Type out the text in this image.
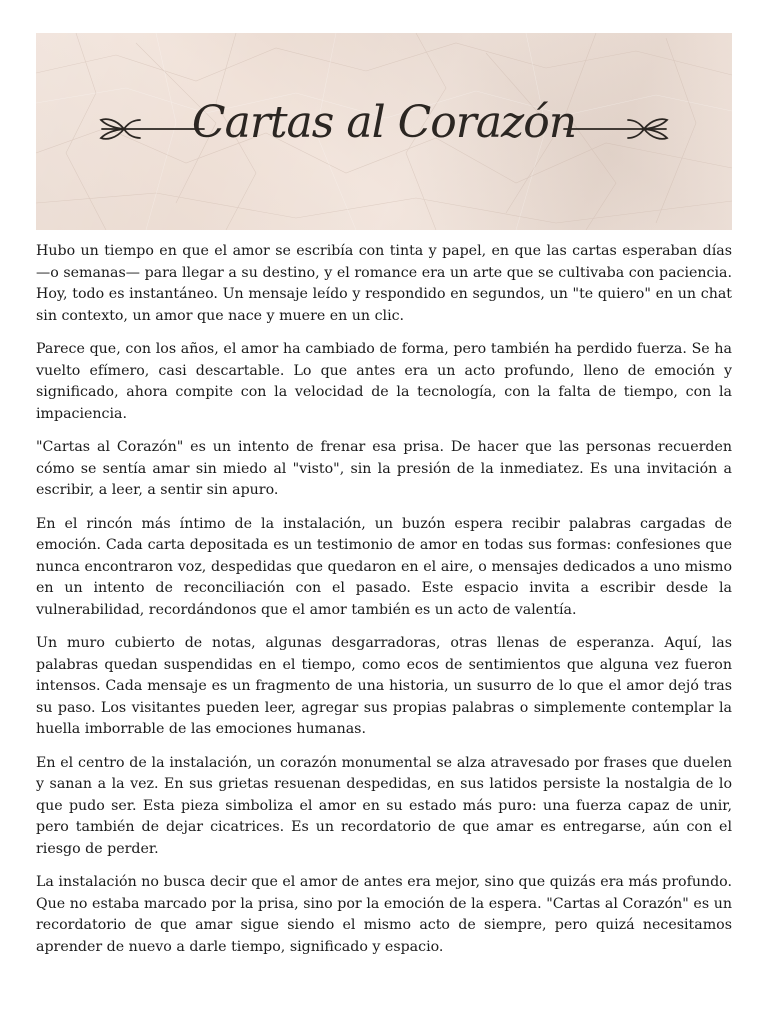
Cartas al Corazón

Hubo un tiempo en que el amor se escribía con tinta y papel, en que las cartas esperaban días —o semanas— para llegar a su destino, y el romance era un arte que se cultivaba con paciencia. Hoy, todo es instantáneo. Un mensaje leído y respondido en segundos, un "te quiero" en un chat sin contexto, un amor que nace y muere en un clic.

Parece que, con los años, el amor ha cambiado de forma, pero también ha perdido fuerza. Se ha vuelto efímero, casi descartable. Lo que antes era un acto profundo, lleno de emoción y significado, ahora compite con la velocidad de la tecnología, con la falta de tiempo, con la impaciencia.

"Cartas al Corazón" es un intento de frenar esa prisa. De hacer que las personas recuerden cómo se sentía amar sin miedo al "visto", sin la presión de la inmediatez. Es una invitación a escribir, a leer, a sentir sin apuro.

En el rincón más íntimo de la instalación, un buzón espera recibir palabras cargadas de emoción. Cada carta depositada es un testimonio de amor en todas sus formas: confesiones que nunca encontraron voz, despedidas que quedaron en el aire, o mensajes dedicados a uno mismo en un intento de reconciliación con el pasado. Este espacio invita a escribir desde la vulnerabilidad, recordándonos que el amor también es un acto de valentía.

Un muro cubierto de notas, algunas desgarradoras, otras llenas de esperanza. Aquí, las palabras quedan suspendidas en el tiempo, como ecos de sentimientos que alguna vez fueron intensos. Cada mensaje es un fragmento de una historia, un susurro de lo que el amor dejó tras su paso. Los visitantes pueden leer, agregar sus propias palabras o simplemente contemplar la huella imborrable de las emociones humanas.

En el centro de la instalación, un corazón monumental se alza atravesado por frases que duelen y sanan a la vez. En sus grietas resuenan despedidas, en sus latidos persiste la nostalgia de lo que pudo ser. Esta pieza simboliza el amor en su estado más puro: una fuerza capaz de unir, pero también de dejar cicatrices. Es un recordatorio de que amar es entregarse, aún con el riesgo de perder.

La instalación no busca decir que el amor de antes era mejor, sino que quizás era más profundo. Que no estaba marcado por la prisa, sino por la emoción de la espera. "Cartas al Corazón" es un recordatorio de que amar sigue siendo el mismo acto de siempre, pero quizá necesitamos aprender de nuevo a darle tiempo, significado y espacio.
